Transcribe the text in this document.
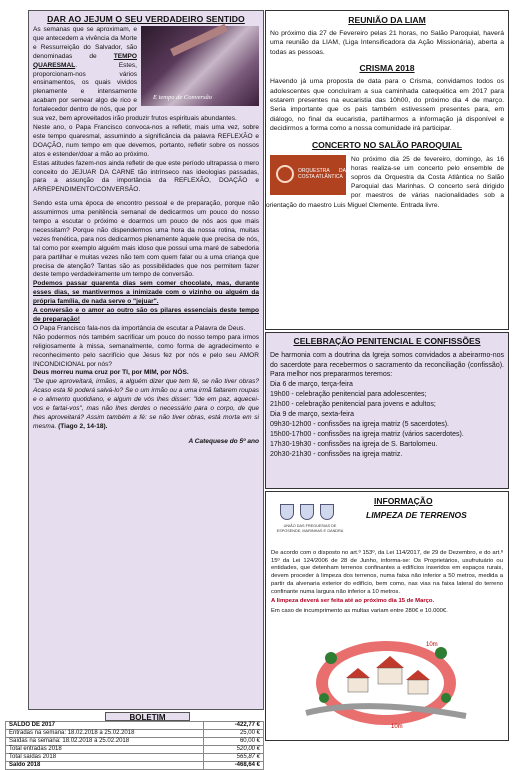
DAR AO JEJUM O SEU VERDADEIRO SENTIDO
E tempo de Conversão
As semanas que se aproximam, e que antecedem a vivência da Morte e Ressurreição do Salvador, são denominadas de	TEMPO QUARESMAL. Estes, proporcionam-nos vários ensinamentos, os quais vividos plenamente e intensamente acabam por semear algo de rico e fortalecedor dentro de nós, que por sua vez, bem aproveitados irão produzir frutos espirituais abundantes.
Neste ano, o Papa Francisco convoca-nos a refletir, mais uma vez, sobre este tempo quaresmal, assumindo a significância da palavra REFLEXÃO e DOAÇÃO, num tempo em que devemos, portanto, refletir sobre os nossos atos e estender/doar a mão ao próximo.
Estas atitudes fazem-nos ainda refletir de que este período ultrapassa o mero conceito do JEJUAR DA CARNE tão intrínseco nas ideologias passadas, para a assunção da importância da REFLEXÃO, DOAÇÃO e ARREPENDIMENTO/CONVERSÃO.
Sendo esta uma época de encontro pessoal e de preparação, porque não assumirmos uma penitência semanal de dedicarmos um pouco do nosso tempo a escutar o próximo e doarmos um pouco de nós aos que mais necessitam? Porque não dispendermos uma hora da nossa rotina, muitas vezes frenética, para nos dedicarmos plenamente àquele que precisa de nós, tal como por exemplo alguém mais idoso que possui uma maré de sabedoria para partilhar e muitas vezes não tem com quem falar ou a uma criança que precisa de atenção? Tantas são as possibilidades que nos permitem fazer deste tempo verdadeiramente um tempo de conversão.
Podemos passar quarenta dias sem comer chocolate, mas, durante esses dias, se mantivermos a inimizade com o vizinho ou alguém da própria família, de nada serve o "jejuar".
A conversão e o amor ao outro são os pilares essenciais deste tempo de preparação!
O Papa Francisco fala-nos da importância de escutar a Palavra de Deus.
Não podermos nós também sacrificar um pouco do nosso tempo para irmos religiosamente à missa, semanalmente, como forma de agradecimento e reconhecimento pelo sacrifício que Jesus fez por nós e pelo seu AMOR INCONDICIONAL por nós?
Deus morreu numa cruz por TI, por MIM, por NÓS.
"De que aproveitará, irmãos, a alguém dizer que tem fé, se não tiver obras? Acaso esta fé poderá salvá-lo? Se o um irmão ou a uma irmã faltarem roupas e o alimento quotidiano, e algum de vós lhes disser: "Ide em paz, aquecei-vos e fartai-vos", mas não lhes derdes o necessário para o corpo, de que lhes aproveitará? Assim também a fé: se não tiver obras, está morta em si mesma. (Tiago 2, 14-18).
A Catequese do 5º ano
BOLETIM
SALDO DE 2017	-422,77 €
Entradas na semana: 18.02.2018 a 25.02.2018	25,00 €
Saídas na semana: 18.02.2018 a 25.02.2018	60,00 €
Total entradas 2018	520,00 €
Total saídas 2018	565,87 €
Saldo 2018	-468,64 €
REUNIÃO DA LIAM
No próximo dia 27 de Fevereiro pelas 21 horas, no Salão Paroquial, haverá uma reunião da LIAM, (Liga Intensificadora da Ação Missionária), aberta a todas as pessoas.
CRISMA 2018
Havendo já uma proposta de data para o Crisma, convidamos todos os adolescentes que concluíram a sua caminhada catequética em 2017 para estarem presentes na eucaristia das 10h00, do próximo dia 4 de março. Seria importante que os pais também estivessem presentes para, em diálogo, no final da eucaristia, partilharmos a informação já disponível e decidirmos a forma como a nossa comunidade irá participar.
CONCERTO NO SALÃO PAROQUIAL
ORQUESTRA DA COSTA ATLÂNTICA
No próximo dia 25 de fevereiro, domingo, às 16 horas realiza-se um concerto pelo ensemble de sopros da Orquestra da Costa Atlântica no Salão Paroquial das Marinhas. O concerto será dirigido por maestros de várias nacionalidades sob a orientação do maestro Luis Miguel Clemente. Entrada livre.
CELEBRAÇÃO PENITENCIAL E CONFISSÕES
De harmonia com a doutrina da Igreja somos convidados a abeirarmo-nos do sacerdote para recebermos o sacramento da reconciliação (confissão). Para melhor nos prepararmos teremos:
Dia 6 de março, terça-feira
19h00 - celebração penitencial para adolescentes;
21h00 - celebração penitencial para jovens e adultos;
Dia 9 de março, sexta-feira
09h30-12h00 - confissões na igreja matriz (5 sacerdotes).
15h00-17h00 - confissões na igreja matriz (vários sacerdotes).
17h30-19h30 - confissões na igreja de S. Bartolomeu.
20h30-21h30 - confissões na igreja matriz.
UNIÃO DAS FREGUESIAS DE ESPOSENDE, MARINHAS E GANDRA
INFORMAÇÃO
LIMPEZA DE TERRENOS
De acordo com o disposto no art.º 153º, da Lei 114/2017, de 29 de Dezembro, e do art.º 15º da Lei 124/2006 de 28 de Junho, informa-se: Os Proprietários, usufrutuário ou entidades, que detenham terrenos confinantes a edifícios inseridos em espaços rurais, devem proceder à limpeza dos terrenos, numa faixa não inferior a 50 metros, medida a partir da alvenaria exterior do edifício, bem como, nas vias na faixa lateral do terreno confinante numa largura não inferior a 10 metros.
A limpeza deverá ser feita até ao próximo dia 15 de Março.
Em caso de incumprimento as multas variam entre 280€ e 10.000€.
50m
10m
10m
